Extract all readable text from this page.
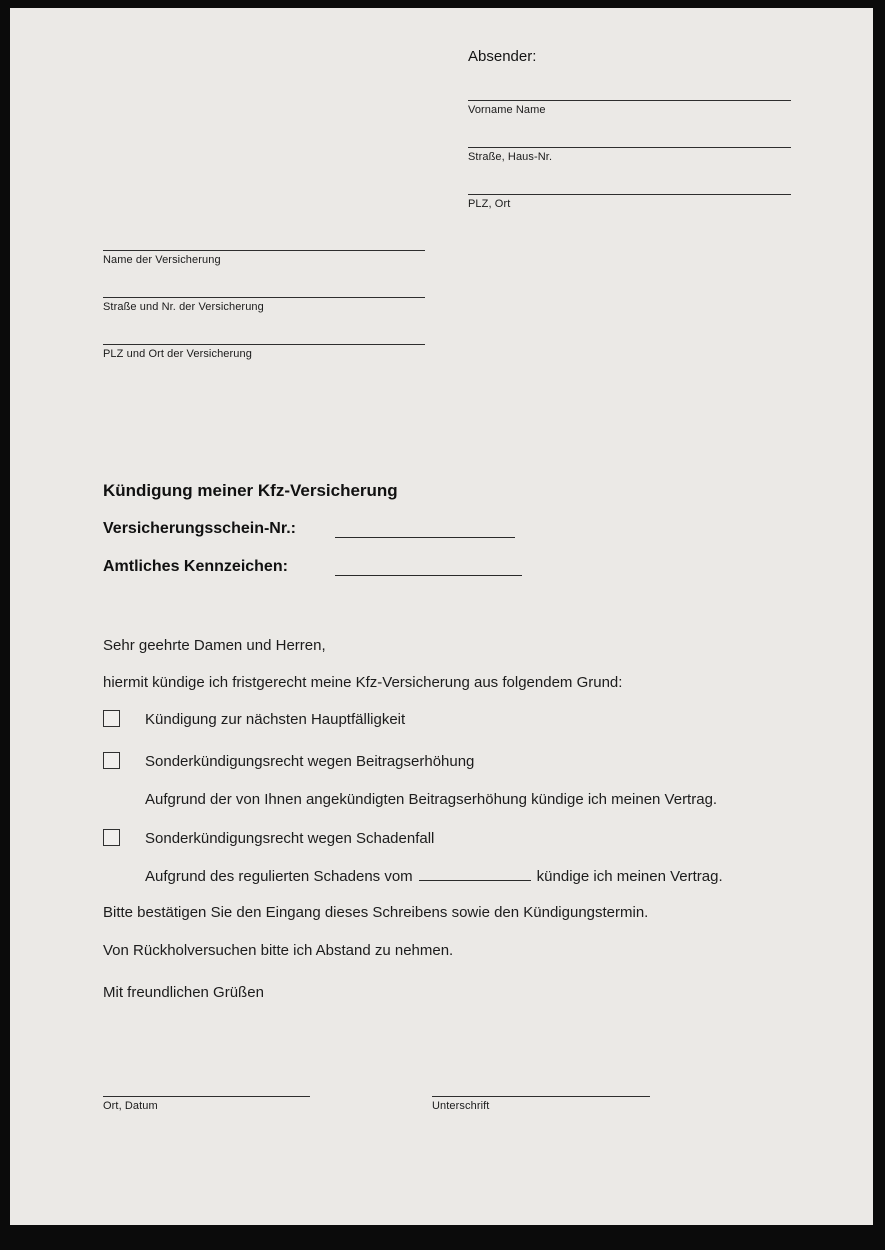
Absender:
Vorname Name
Straße, Haus-Nr.
PLZ, Ort
Name der Versicherung
Straße und Nr. der Versicherung
PLZ und Ort der Versicherung
Kündigung meiner Kfz-Versicherung
Versicherungsschein-Nr.:
Amtliches Kennzeichen:
Sehr geehrte Damen und Herren,
hiermit kündige ich fristgerecht meine Kfz-Versicherung aus folgendem Grund:
Kündigung zur nächsten Hauptfälligkeit
Sonderkündigungsrecht wegen Beitragserhöhung
Aufgrund der von Ihnen angekündigten Beitragserhöhung kündige ich meinen Vertrag.
Sonderkündigungsrecht wegen Schadenfall
Aufgrund des regulierten Schadens vom	kündige ich meinen Vertrag.
Bitte bestätigen Sie den Eingang dieses Schreibens sowie den Kündigungstermin.
Von Rückholversuchen bitte ich Abstand zu nehmen.
Mit freundlichen Grüßen
Ort, Datum	Unterschrift
